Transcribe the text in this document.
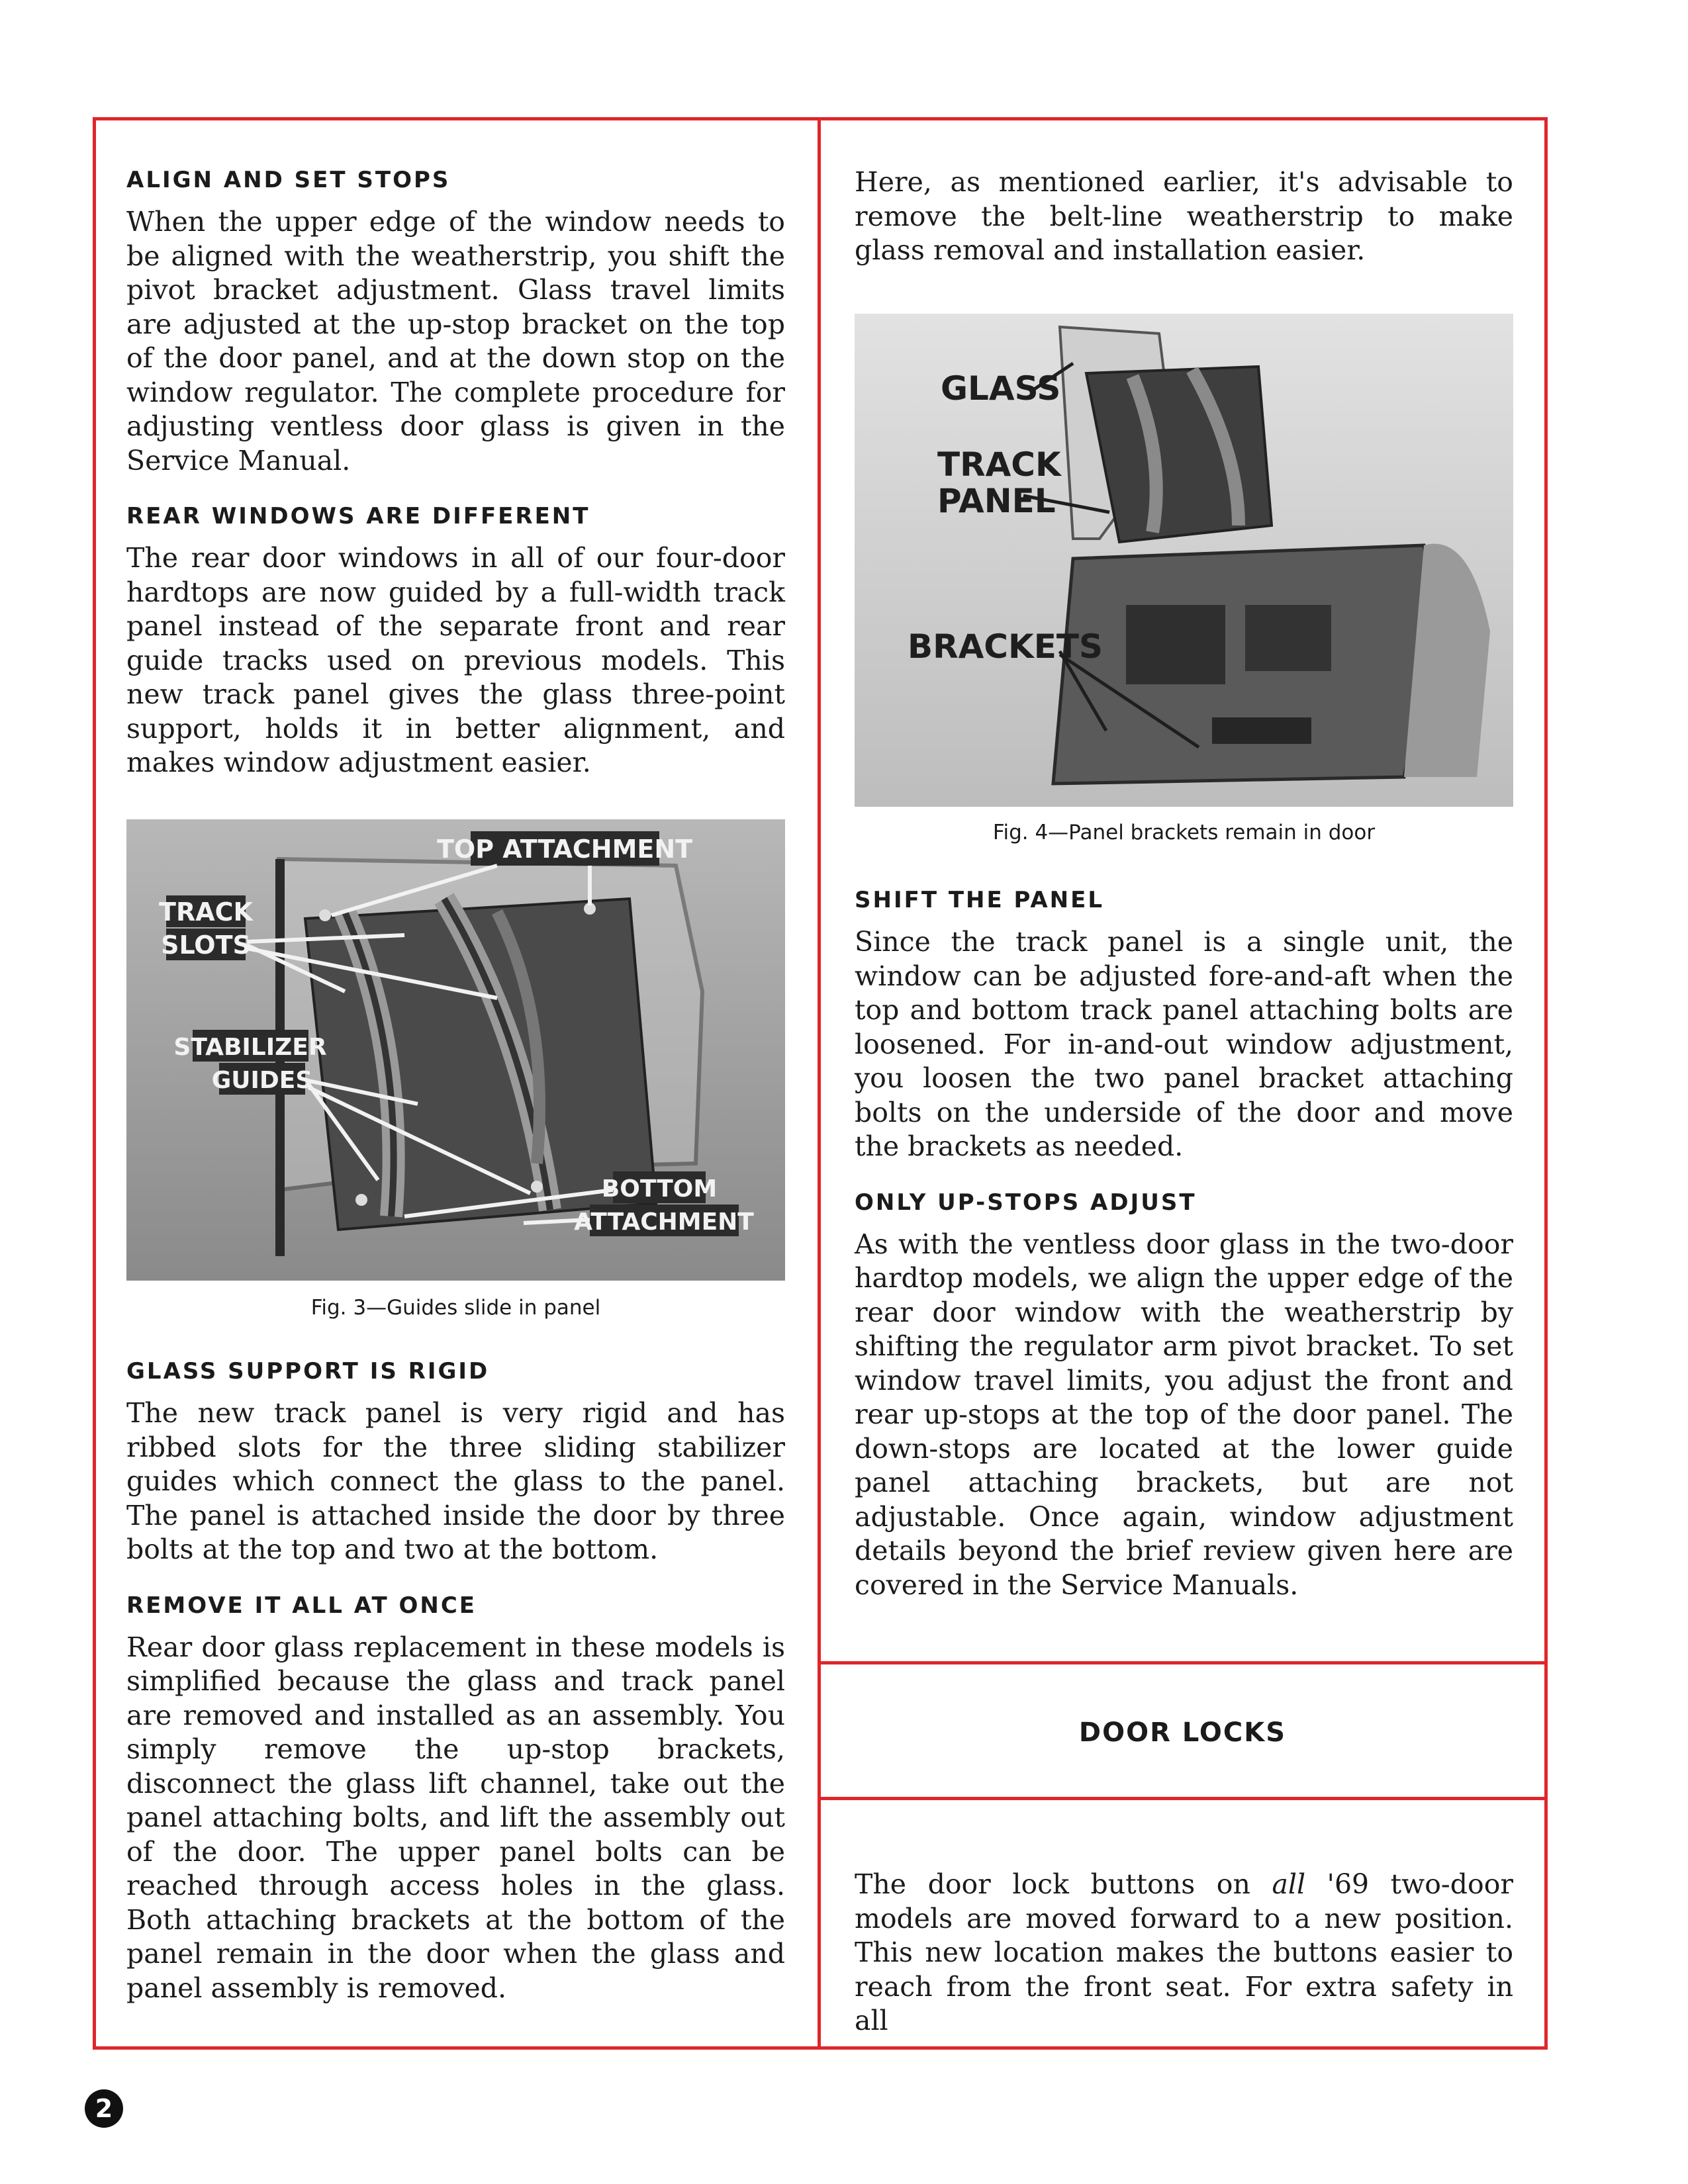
ALIGN AND SET STOPS

When the upper edge of the window needs to be aligned with the weatherstrip, you shift the pivot bracket adjustment. Glass travel limits are adjusted at the up-stop bracket on the top of the door panel, and at the down stop on the window regulator. The complete procedure for adjusting ventless door glass is given in the Service Manual.

REAR WINDOWS ARE DIFFERENT

The rear door windows in all of our four-door hardtops are now guided by a full-width track panel instead of the separate front and rear guide tracks used on previous models. This new track panel gives the glass three-point support, holds it in better alignment, and makes window adjustment easier.

TOP ATTACHMENT
TRACK
SLOTS
STABILIZER
GUIDES
BOTTOM
ATTACHMENT

Fig. 3—Guides slide in panel

GLASS SUPPORT IS RIGID

The new track panel is very rigid and has ribbed slots for the three sliding stabilizer guides which connect the glass to the panel. The panel is attached inside the door by three bolts at the top and two at the bottom.

REMOVE IT ALL AT ONCE

Rear door glass replacement in these models is simplified because the glass and track panel are removed and installed as an assembly. You simply remove the up-stop brackets, disconnect the glass lift channel, take out the panel attaching bolts, and lift the assembly out of the door. The upper panel bolts can be reached through access holes in the glass. Both attaching brackets at the bottom of the panel remain in the door when the glass and panel assembly is removed.

Here, as mentioned earlier, it's advisable to remove the belt-line weatherstrip to make glass removal and installation easier.

GLASS
TRACK
PANEL
BRACKETS

Fig. 4—Panel brackets remain in door

SHIFT THE PANEL

Since the track panel is a single unit, the window can be adjusted fore-and-aft when the top and bottom track panel attaching bolts are loosened. For in-and-out window adjustment, you loosen the two panel bracket attaching bolts on the underside of the door and move the brackets as needed.

ONLY UP-STOPS ADJUST

As with the ventless door glass in the two-door hardtop models, we align the upper edge of the rear door window with the weatherstrip by shifting the regulator arm pivot bracket. To set window travel limits, you adjust the front and rear up-stops at the top of the door panel. The down-stops are located at the lower guide panel attaching brackets, but are not adjustable. Once again, window adjustment details beyond the brief review given here are covered in the Service Manuals.

DOOR LOCKS

The door lock buttons on all '69 two-door models are moved forward to a new position. This new location makes the buttons easier to reach from the front seat. For extra safety in all

2
